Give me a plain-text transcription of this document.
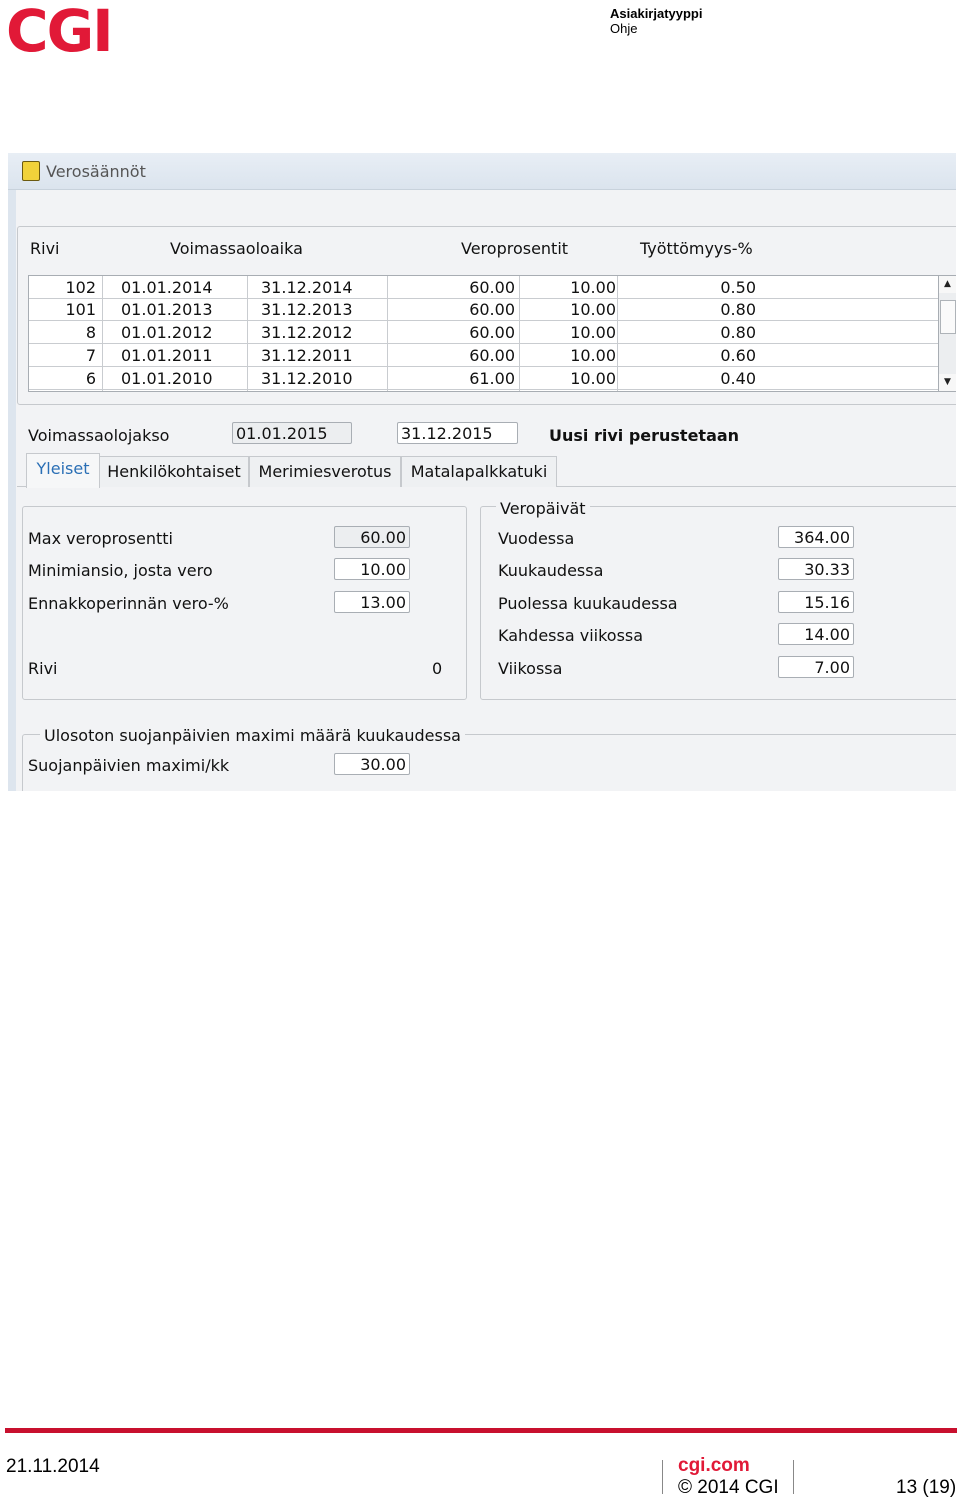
CGI	Asiakirjatyyppi
Ohje
Verosäännöt
Rivi	Voimassaoloaika	Veroprosentit	Työttömyys-%
102 01.01.2014	31.12.2014	60.00	10.00	0.50
101 01.01.2013	31.12.2013	60.00	10.00	0.80
8 01.01.2012	31.12.2012	60.00	10.00	0.80
7 01.01.2011	31.12.2011	60.00	10.00	0.60
6 01.01.2010	31.12.2010	61.00	10.00	0.40
▲
▼
Voimassaolojakso	01.01.2015	31.12.2015	Uusi rivi perustetaan
Yleiset	Henkilökohtaiset	Merimiesverotus	Matalapalkkatuki
Max veroprosentti	60.00
Minimiansio, josta vero	10.00
Ennakkoperinnän vero-%	13.00
Rivi	0
Veropäivät
Vuodessa	364.00
Kuukaudessa	30.33
Puolessa kuukaudessa	15.16
Kahdessa viikossa	14.00
Viikossa	7.00
Ulosoton suojanpäivien maximi määrä kuukaudessa
Suojanpäivien maximi/kk	30.00
21.11.2014	cgi.com
© 2014 CGI	13 (19)
